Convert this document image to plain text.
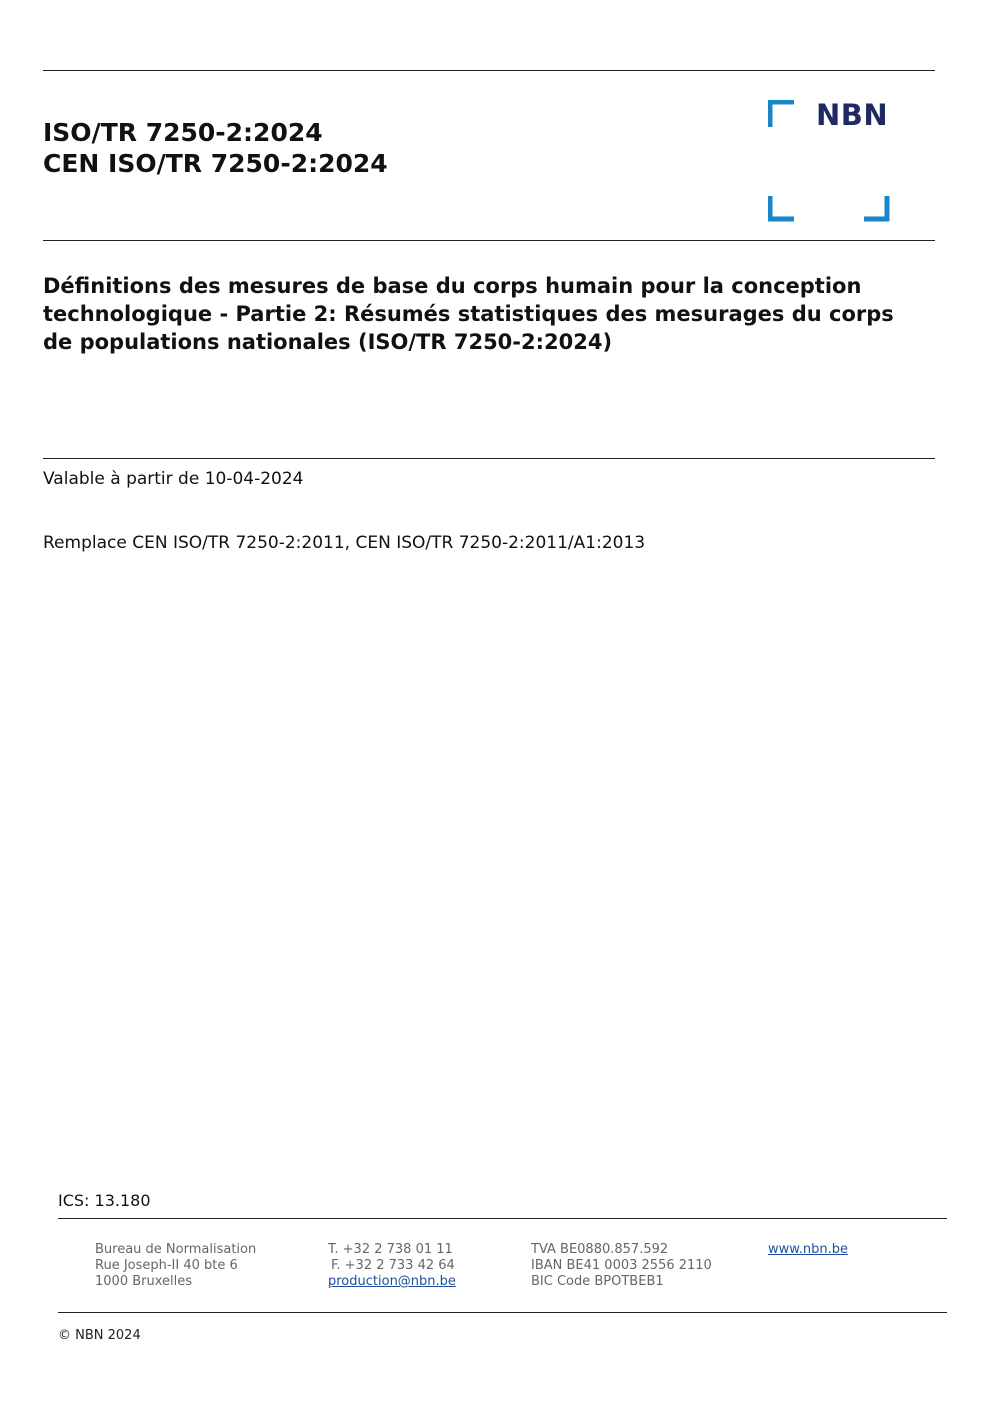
ISO/TR 7250-2:2024
CEN ISO/TR 7250-2:2024
NBN
Définitions des mesures de base du corps humain pour la conception technologique - Partie 2: Résumés statistiques des mesurages du corps de populations nationales (ISO/TR 7250-2:2024)
Valable à partir de 10-04-2024
Remplace CEN ISO/TR 7250-2:2011, CEN ISO/TR 7250-2:2011/A1:2013
ICS: 13.180
Bureau de Normalisation
Rue Joseph-II 40 bte 6
1000 Bruxelles
T. +32 2 738 01 11
F. +32 2 733 42 64
production@nbn.be
TVA BE0880.857.592
IBAN BE41 0003 2556 2110
BIC Code BPOTBEB1
www.nbn.be
© NBN 2024
